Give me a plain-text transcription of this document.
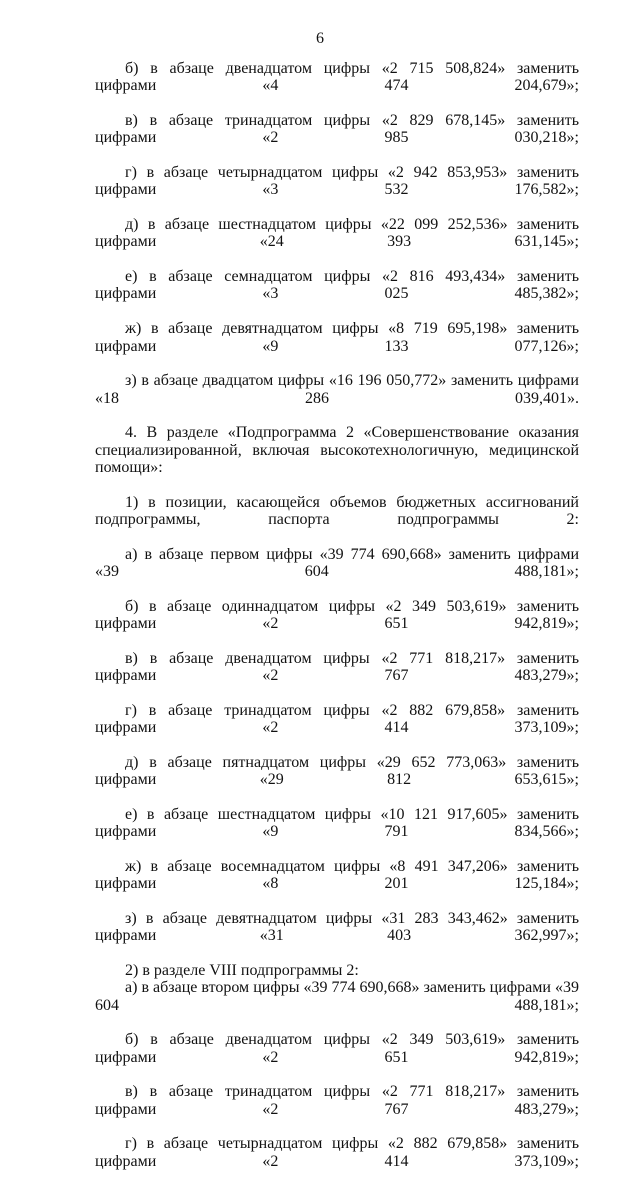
6

б) в абзаце двенадцатом цифры «2 715 508,824» заменить цифрами «4 474 204,679»;

в) в абзаце тринадцатом цифры «2 829 678,145» заменить цифрами «2 985 030,218»;

г) в абзаце четырнадцатом цифры «2 942 853,953» заменить цифрами «3 532 176,582»;

д) в абзаце шестнадцатом цифры «22 099 252,536» заменить цифрами «24 393 631,145»;

е) в абзаце семнадцатом цифры «2 816 493,434» заменить цифрами «3 025 485,382»;

ж) в абзаце девятнадцатом цифры «8 719 695,198» заменить цифрами «9 133 077,126»;

з) в абзаце двадцатом цифры «16 196 050,772» заменить цифрами «18 286 039,401».

4. В разделе «Подпрограмма 2 «Совершенствование оказания специализированной, включая высокотехнологичную, медицинской помощи»:

1) в позиции, касающейся объемов бюджетных ассигнований подпрограммы, паспорта подпрограммы 2:

а) в абзаце первом цифры «39 774 690,668» заменить цифрами «39 604 488,181»;

б) в абзаце одиннадцатом цифры «2 349 503,619» заменить цифрами «2 651 942,819»;

в) в абзаце двенадцатом цифры «2 771 818,217» заменить цифрами «2 767 483,279»;

г) в абзаце тринадцатом цифры «2 882 679,858» заменить цифрами «2 414 373,109»;

д) в абзаце пятнадцатом цифры «29 652 773,063» заменить цифрами «29 812 653,615»;

е) в абзаце шестнадцатом цифры «10 121 917,605» заменить цифрами «9 791 834,566»;

ж) в абзаце восемнадцатом цифры «8 491 347,206» заменить цифрами «8 201 125,184»;

з) в абзаце девятнадцатом цифры «31 283 343,462» заменить цифрами «31 403 362,997»;

2) в разделе VIII подпрограммы 2:

а) в абзаце втором цифры «39 774 690,668» заменить цифрами «39 604 488,181»;

б) в абзаце двенадцатом цифры «2 349 503,619» заменить цифрами «2 651 942,819»;

в) в абзаце тринадцатом цифры «2 771 818,217» заменить цифрами «2 767 483,279»;

г) в абзаце четырнадцатом цифры «2 882 679,858» заменить цифрами «2 414 373,109»;
